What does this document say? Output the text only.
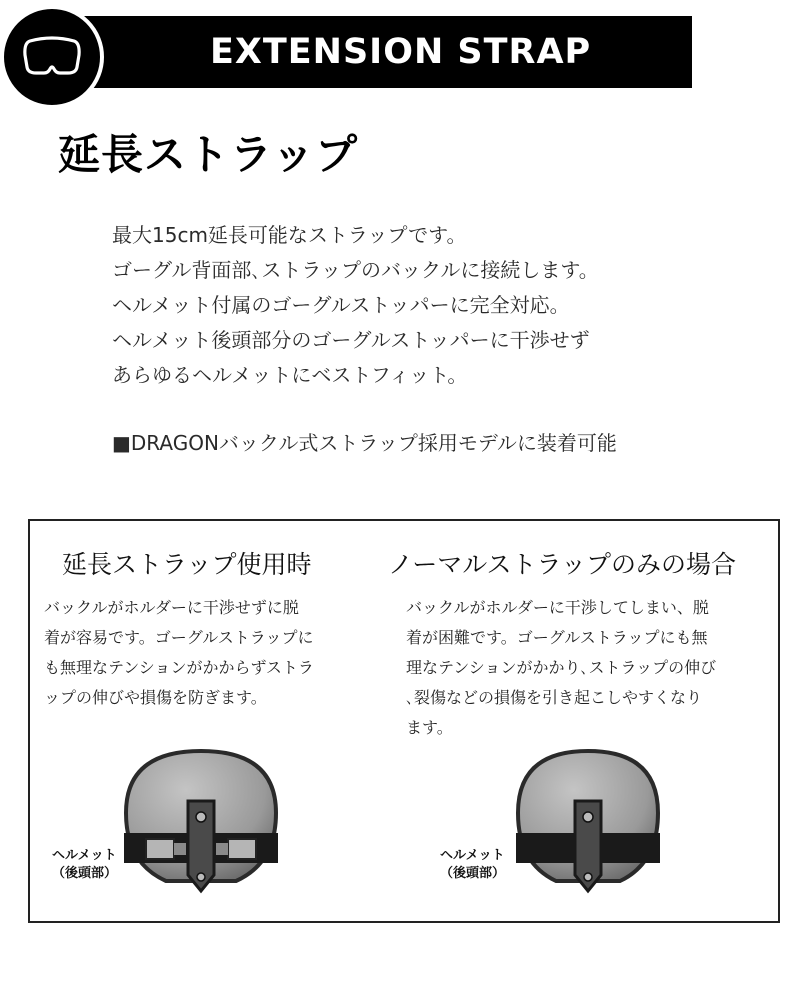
EXTENSION STRAP
延長ストラップ
最大15cm延長可能なストラップです。
ゴーグル背面部､ストラップのバックルに接続します。
ヘルメット付属のゴーグルストッパーに完全対応。
ヘルメット後頭部分のゴーグルストッパーに干渉せず
あらゆるヘルメットにベストフィット。
■DRAGONバックル式ストラップ採用モデルに装着可能
延長ストラップ使用時
バックルがホルダーに干渉せずに脱
着が容易です。ゴーグルストラップに
も無理なテンションがかからずストラ
ップの伸びや損傷を防ぎます。
ヘルメット
（後頭部）
ノーマルストラップのみの場合
バックルがホルダーに干渉してしまい、脱
着が困難です。ゴーグルストラップにも無
理なテンションがかかり､ストラップの伸び
､裂傷などの損傷を引き起こしやすくなり
ます。
ヘルメット
（後頭部）
